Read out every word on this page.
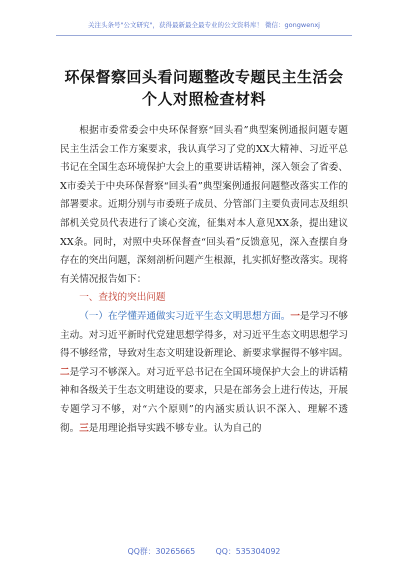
关注头条号"公文研究"，获得最新最全最专业的公文资料库！ 微信：gongwenxj
环保督察回头看问题整改专题民主生活会
个人对照检查材料

根据市委常委会中央环保督察“回头看”典型案例通报问题专题民主生活会工作方案要求，我认真学习了党的XX大精神、习近平总书记在全国生态环境保护大会上的重要讲话精神，深入领会了省委、X市委关于中央环保督察“回头看”典型案例通报问题整改落实工作的部署要求。近期分别与市委班子成员、分管部门主要负责同志及组织部机关党员代表进行了谈心交流，征集对本人意见XX条，提出建议XX条。同时，对照中央环保督查“回头看”反馈意见，深入查摆自身存在的突出问题，深刻剖析问题产生根源，扎实抓好整改落实。现将有关情况报告如下：

一、查找的突出问题

（一）在学懂弄通做实习近平生态文明思想方面。一是学习不够主动。对习近平新时代党建思想学得多，对习近平生态文明思想学习得不够经常，导致对生态文明建设新理论、新要求掌握得不够牢固。二是学习不够深入。对习近平总书记在全国环境保护大会上的讲话精神和各级关于生态文明建设的要求，只是在部务会上进行传达，开展专题学习不够，对“六个原则”的内涵实质认识不深入、理解不透彻。三是用理论指导实践不够专业。认为自己的

QQ群：30265665	QQ：535304092
